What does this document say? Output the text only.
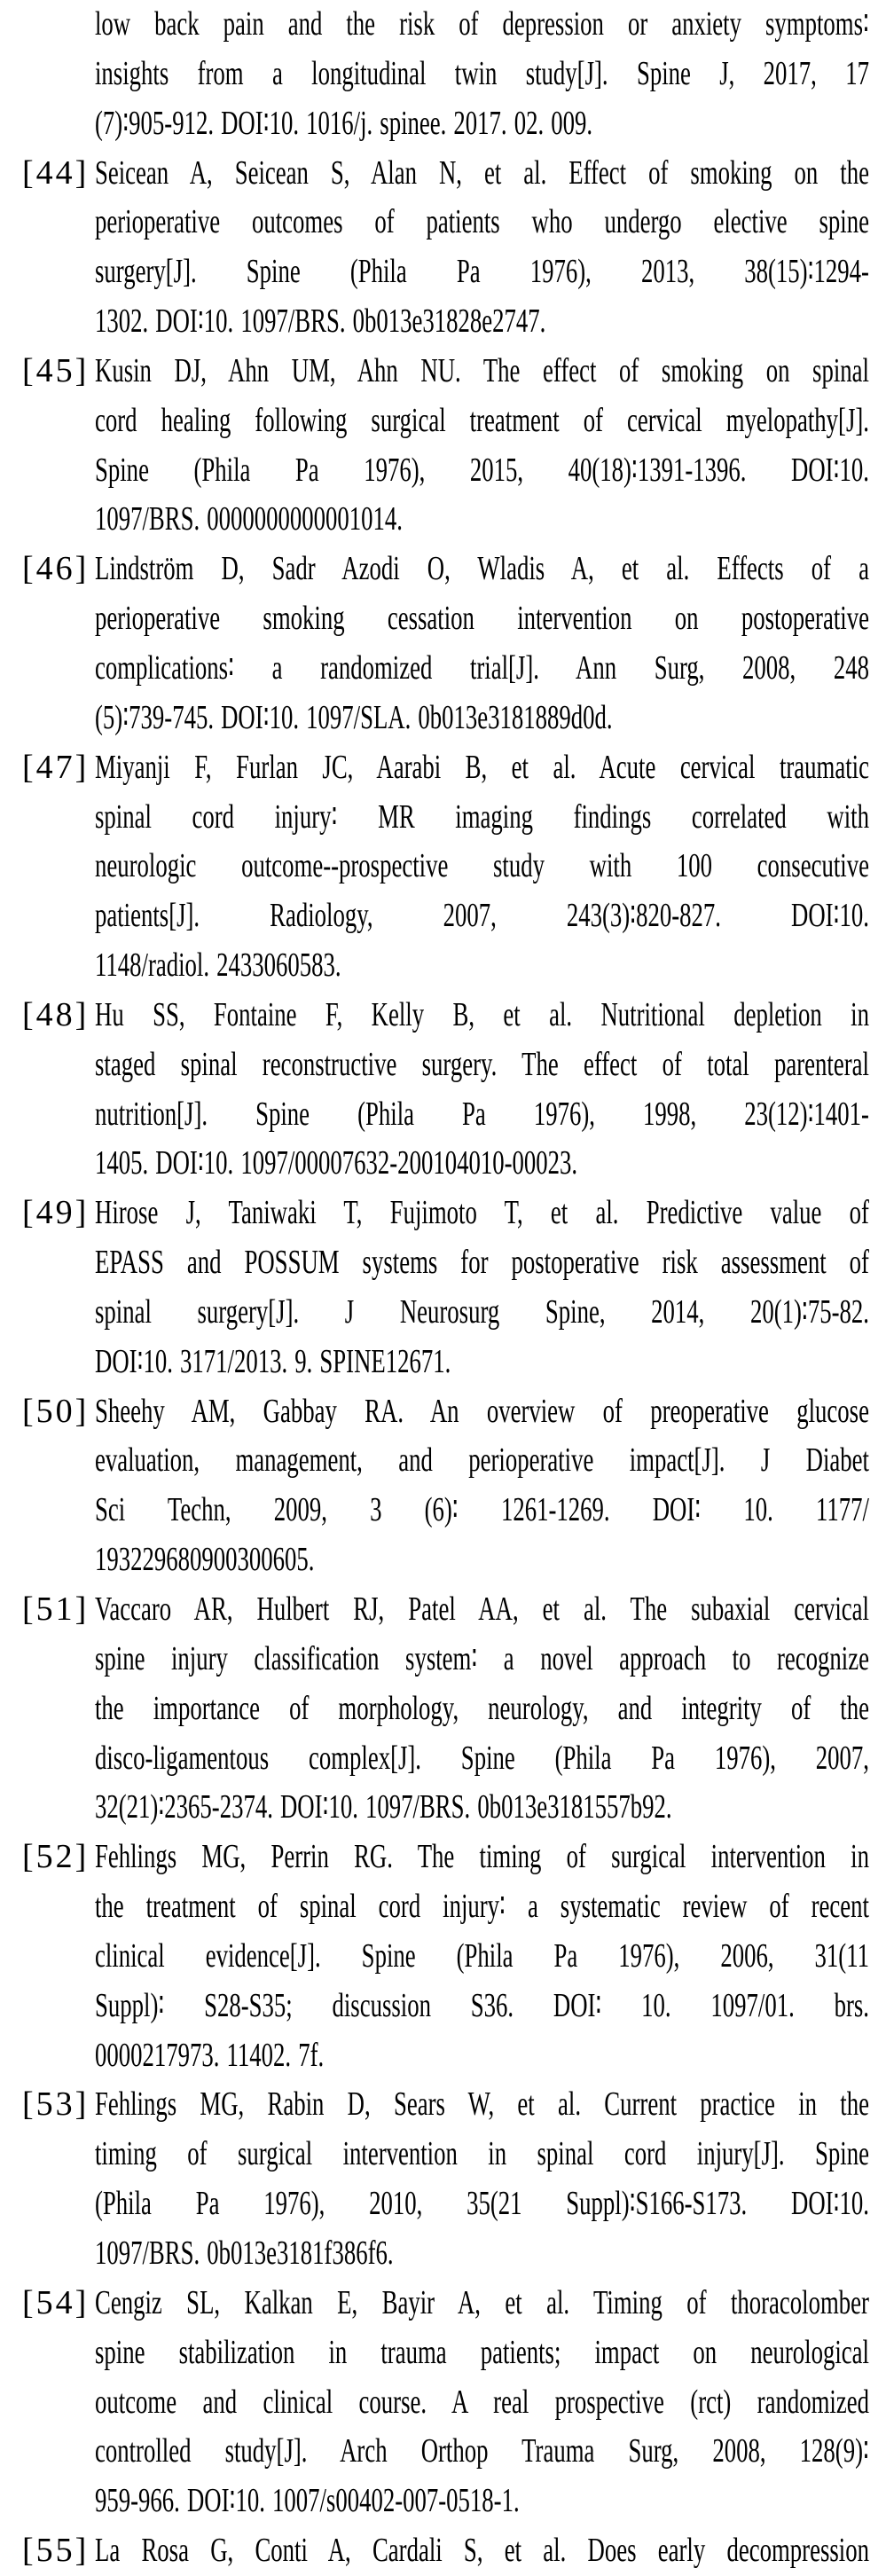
low back pain and the risk of depression or anxiety symptoms∶
insights from a longitudinal twin study[J]. Spine J, 2017, 17
(7)∶905-912. DOI∶10. 1016/j. spinee. 2017. 02. 009.
[44] Seicean A, Seicean S, Alan N, et al. Effect of smoking on the
perioperative outcomes of patients who undergo elective spine
surgery[J]. Spine (Phila Pa 1976), 2013, 38(15)∶1294-
1302. DOI∶10. 1097/BRS. 0b013e31828e2747.
[45] Kusin DJ, Ahn UM, Ahn NU. The effect of smoking on spinal
cord healing following surgical treatment of cervical myelopathy[J].
Spine (Phila Pa 1976), 2015, 40(18)∶1391-1396. DOI∶10.
1097/BRS. 0000000000001014.
[46] Lindström D, Sadr Azodi O, Wladis A, et al. Effects of a
perioperative smoking cessation intervention on postoperative
complications∶ a randomized trial[J]. Ann Surg, 2008, 248
(5)∶739-745. DOI∶10. 1097/SLA. 0b013e3181889d0d.
[47] Miyanji F, Furlan JC, Aarabi B, et al. Acute cervical traumatic
spinal cord injury∶ MR imaging findings correlated with
neurologic outcome--prospective study with 100 consecutive
patients[J]. Radiology, 2007, 243(3)∶820-827. DOI∶10.
1148/radiol. 2433060583.
[48] Hu SS, Fontaine F, Kelly B, et al. Nutritional depletion in
staged spinal reconstructive surgery. The effect of total parenteral
nutrition[J]. Spine (Phila Pa 1976), 1998, 23(12)∶1401-
1405. DOI∶10. 1097/00007632-200104010-00023.
[49] Hirose J, Taniwaki T, Fujimoto T, et al. Predictive value of
EPASS and POSSUM systems for postoperative risk assessment of
spinal surgery[J]. J Neurosurg Spine, 2014, 20(1)∶75-82.
DOI∶10. 3171/2013. 9. SPINE12671.
[50] Sheehy AM, Gabbay RA. An overview of preoperative glucose
evaluation, management, and perioperative impact[J]. J Diabet
Sci Techn, 2009, 3 (6)∶ 1261-1269. DOI∶ 10. 1177/
193229680900300605.
[51] Vaccaro AR, Hulbert RJ, Patel AA, et al. The subaxial cervical
spine injury classification system∶ a novel approach to recognize
the importance of morphology, neurology, and integrity of the
disco-ligamentous complex[J]. Spine (Phila Pa 1976), 2007,
32(21)∶2365-2374. DOI∶10. 1097/BRS. 0b013e3181557b92.
[52] Fehlings MG, Perrin RG. The timing of surgical intervention in
the treatment of spinal cord injury∶ a systematic review of recent
clinical evidence[J]. Spine (Phila Pa 1976), 2006, 31(11
Suppl)∶ S28-S35; discussion S36. DOI∶ 10. 1097/01. brs.
0000217973. 11402. 7f.
[53] Fehlings MG, Rabin D, Sears W, et al. Current practice in the
timing of surgical intervention in spinal cord injury[J]. Spine
(Phila Pa 1976), 2010, 35(21 Suppl)∶S166-S173. DOI∶10.
1097/BRS. 0b013e3181f386f6.
[54] Cengiz SL, Kalkan E, Bayir A, et al. Timing of thoracolomber
spine stabilization in trauma patients; impact on neurological
outcome and clinical course. A real prospective (rct) randomized
controlled study[J]. Arch Orthop Trauma Surg, 2008, 128(9)∶
959-966. DOI∶10. 1007/s00402-007-0518-1.
[55] La Rosa G, Conti A, Cardali S, et al. Does early decompression
